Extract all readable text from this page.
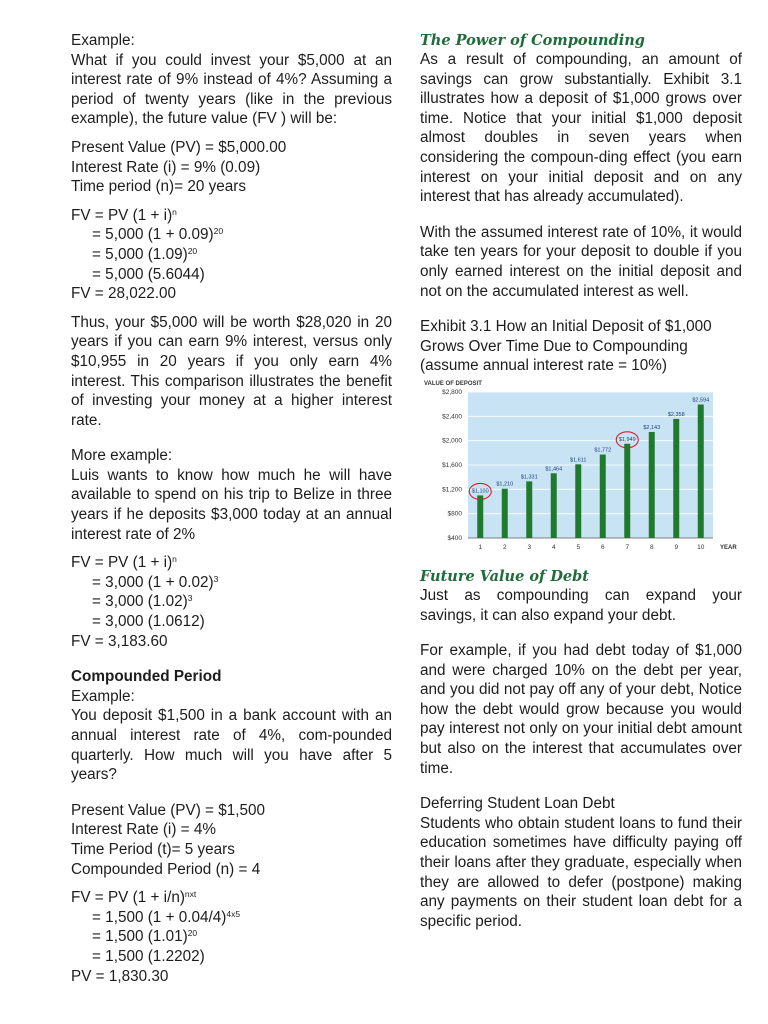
Example:

What if you could invest your $5,000 at an interest rate of 9% instead of 4%? Assuming a period of twenty years (like in the previous example), the future value (FV ) will be:

Present Value (PV) = $5,000.00

Interest Rate (i) = 9% (0.09)

Time period (n)= 20 years

FV = PV $(1 + i)^n$

= 5,000 $(1 + 0.09)^{20}$

= 5,000 $(1.09)^{20}$

= 5,000 (5.6044)

FV = 28,022.00

Thus, your $5,000 will be worth $28,020 in 20 years if you can earn 9% interest, versus only $10,955 in 20 years if you only earn 4% interest. This comparison illustrates the benefit of investing your money at a higher interest rate.

More example:

Luis wants to know how much he will have available to spend on his trip to Belize in three years if he deposits $3,000 today at an annual interest rate of 2%

FV = PV $(1 + i)^n$

= 3,000 $(1 + 0.02)^3$

= 3,000 $(1.02)^3$

= 3,000 (1.0612)

FV = 3,183.60

Compounded Period

Example:

You deposit $1,500 in a bank account with an annual interest rate of 4%, com-pounded quarterly. How much will you have after 5 years?

Present Value (PV) = $1,500

Interest Rate (i) = 4%

Time Period (t)= 5 years

Compounded Period (n) = 4

FV = PV $(1 + i/n)^{nxt}$

= 1,500 $(1 + 0.04/4)^{4x5}$

= 1,500 $(1.01)^{20}$

= 1,500 (1.2202)

PV = 1,830.30

The Power of Compounding

As a result of compounding, an amount of savings can grow substantially. Exhibit 3.1 illustrates how a deposit of $1,000 grows over time. Notice that your initial $1,000 deposit almost doubles in seven years when considering the compoun-ding effect (you earn interest on your initial deposit and on any interest that has already accumulated).

With the assumed interest rate of 10%, it would take ten years for your deposit to double if you only earned interest on the initial deposit and not on the accumulated interest as well.

Exhibit 3.1 How an Initial Deposit of $1,000 Grows Over Time Due to Compounding (assume annual interest rate = 10%)

VALUE OF DEPOSIT
$400
$800
$1,200
$1,600
$2,000
$2,400
$2,800
$1,100
$1,210
$1,331
$1,464
$1,611
$1,772
$1,949
$2,143
$2,358
$2,594
1	2	3	4	5	6	7	8	9	10	YEAR

Future Value of Debt

Just as compounding can expand your savings, it can also expand your debt.

For example, if you had debt today of $1,000 and were charged 10% on the debt per year, and you did not pay off any of your debt, Notice how the debt would grow because you would pay interest not only on your initial debt amount but also on the interest that accumulates over time.

Deferring Student Loan Debt

Students who obtain student loans to fund their education sometimes have difficulty paying off their loans after they graduate, especially when they are allowed to defer (postpone) making any payments on their student loan debt for a specific period.
